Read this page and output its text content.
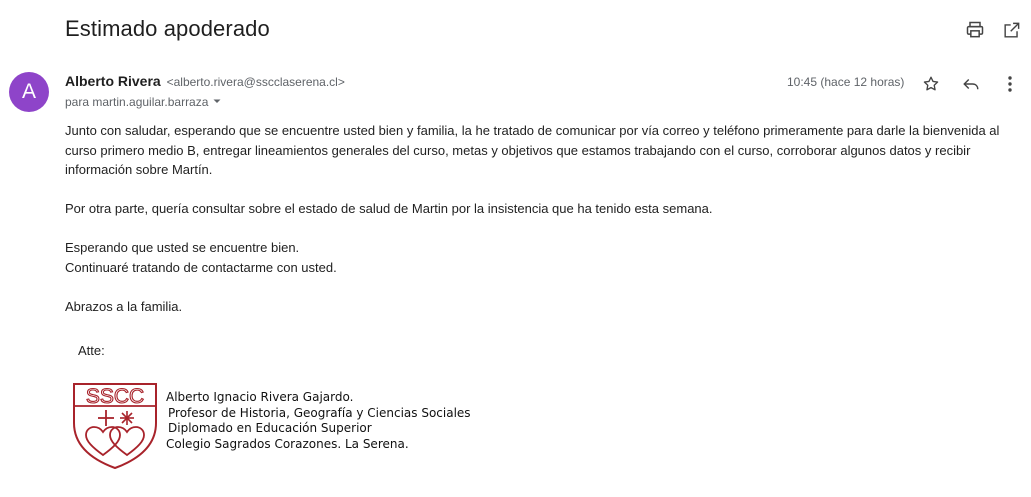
Estimado apoderado
A	Alberto Rivera <alberto.rivera@sscclaserena.cl>
para martin.aguilar.barraza
10:45 (hace 12 horas)

Junto con saludar, esperando que se encuentre usted bien y familia, la he tratado de comunicar por vía correo y teléfono primeramente para darle la bienvenida al curso primero medio B, entregar lineamientos generales del curso, metas y objetivos que estamos trabajando con el curso, corroborar algunos datos y recibir información sobre Martín.

Por otra parte, quería consultar sobre el estado de salud de Martin por la insistencia que ha tenido esta semana.

Esperando que usted se encuentre bien.

Continuaré tratando de contactarme con usted.

Abrazos a la familia.

Atte:
SSCC Alberto Ignacio Rivera Gajardo.
Profesor de Historia, Geografía y Ciencias Sociales
Diplomado en Educación Superior
Colegio Sagrados Corazones. La Serena.
